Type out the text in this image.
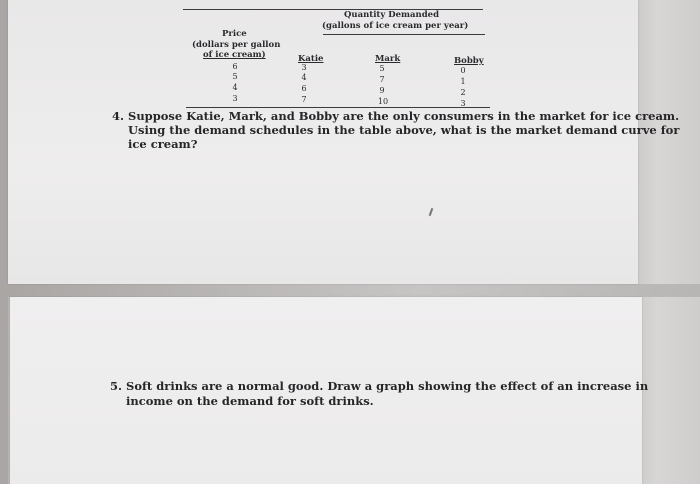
Quantity Demanded
(gallons of ice cream per year)
Price
(dollars per gallon
of ice cream)	Katie	Mark	Bobby
6	3	5	0
5	4	7	1
4	6	9	2
3	7	10	3
4. Suppose Katie, Mark, and Bobby are the only consumers in the market for ice cream.
Using the demand schedules in the table above, what is the market demand curve for
ice cream?
5. Soft drinks are a normal good. Draw a graph showing the effect of an increase in
income on the demand for soft drinks.
